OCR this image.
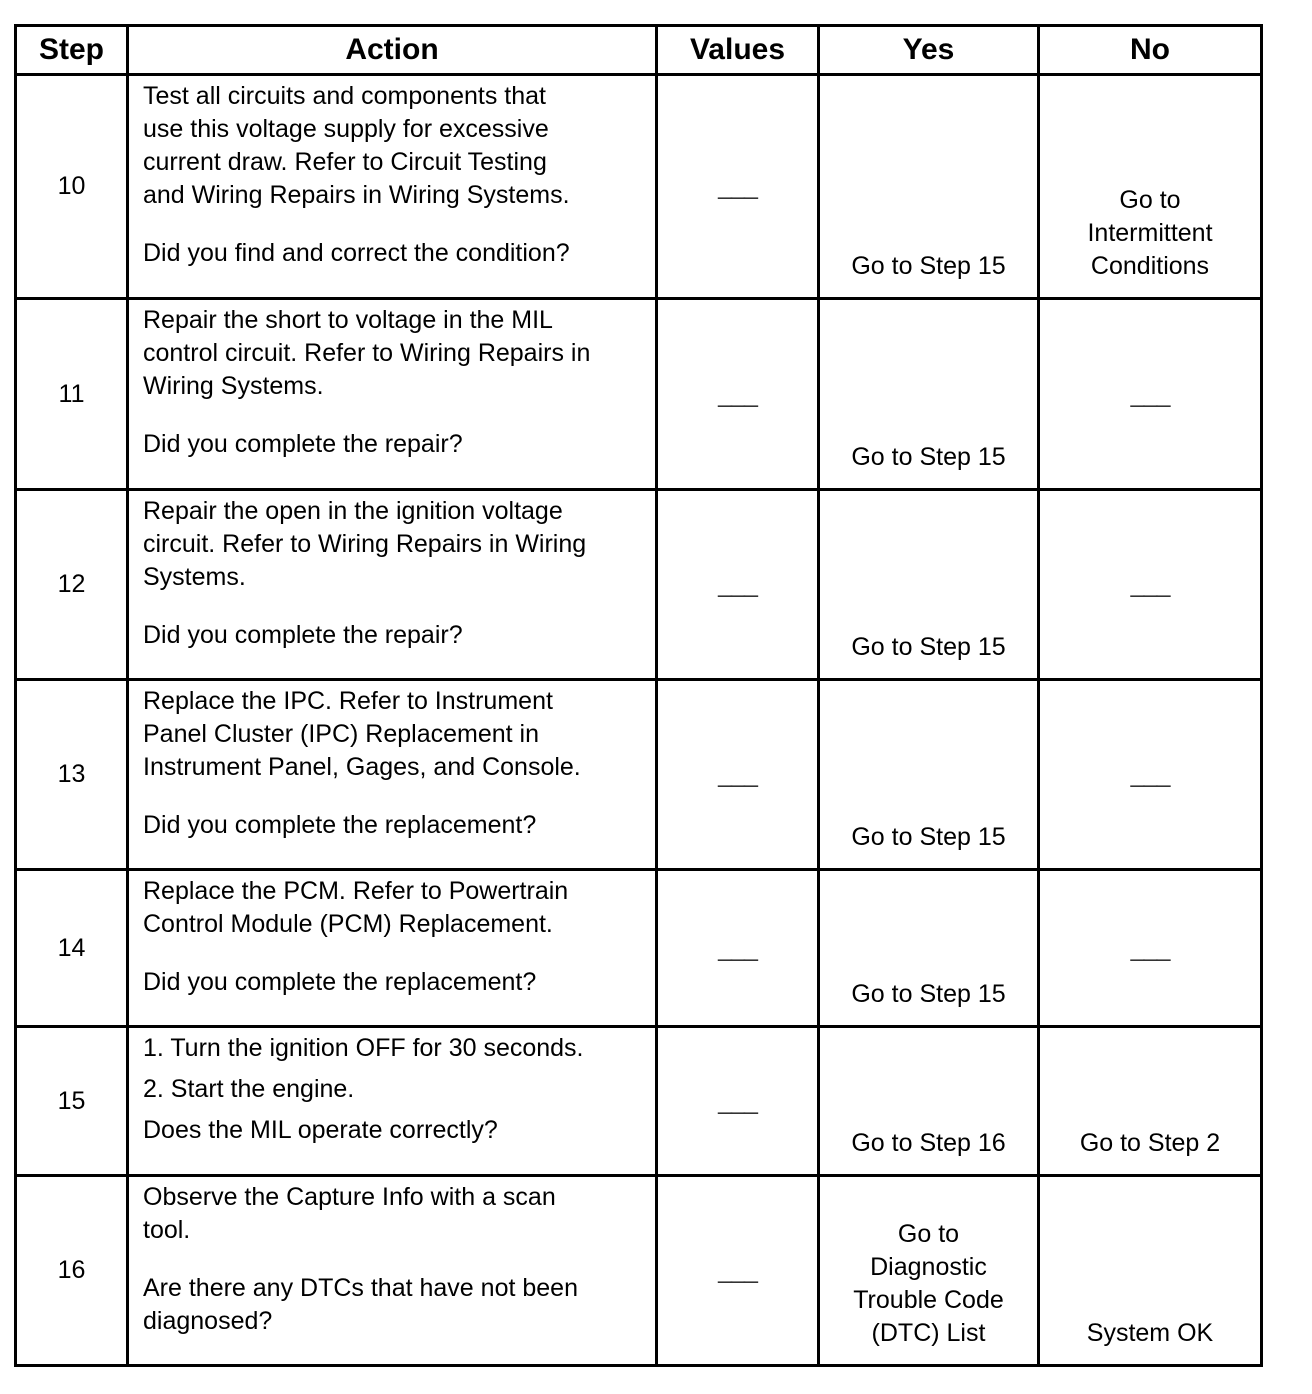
Step	Action	Values	Yes	No
10	Test all circuits and components that
use this voltage supply for excessive
current draw. Refer to Circuit Testing
and Wiring Repairs in Wiring Systems.
Did you find and correct the condition?	___	Go to Step 15	Go to
Intermittent
Conditions

11	Repair the short to voltage in the MIL
control circuit. Refer to Wiring Repairs in
Wiring Systems.
Did you complete the repair?	___	Go to Step 15	___
12	Repair the open in the ignition voltage
circuit. Refer to Wiring Repairs in Wiring
Systems.
Did you complete the repair?	___	Go to Step 15	___
13	Replace the IPC. Refer to Instrument
Panel Cluster (IPC) Replacement in
Instrument Panel, Gages, and Console.
Did you complete the replacement?	___	Go to Step 15	___
14	Replace the PCM. Refer to Powertrain
Control Module (PCM) Replacement.
Did you complete the replacement?	___	Go to Step 15	___
15	1. Turn the ignition OFF for 30 seconds.
2. Start the engine.
Does the MIL operate correctly?	___	Go to Step 16	Go to Step 2
16	Observe the Capture Info with a scan
tool.
Are there any DTCs that have not been
diagnosed?	___	Go to
Diagnostic
Trouble Code
(DTC) List	System OK
